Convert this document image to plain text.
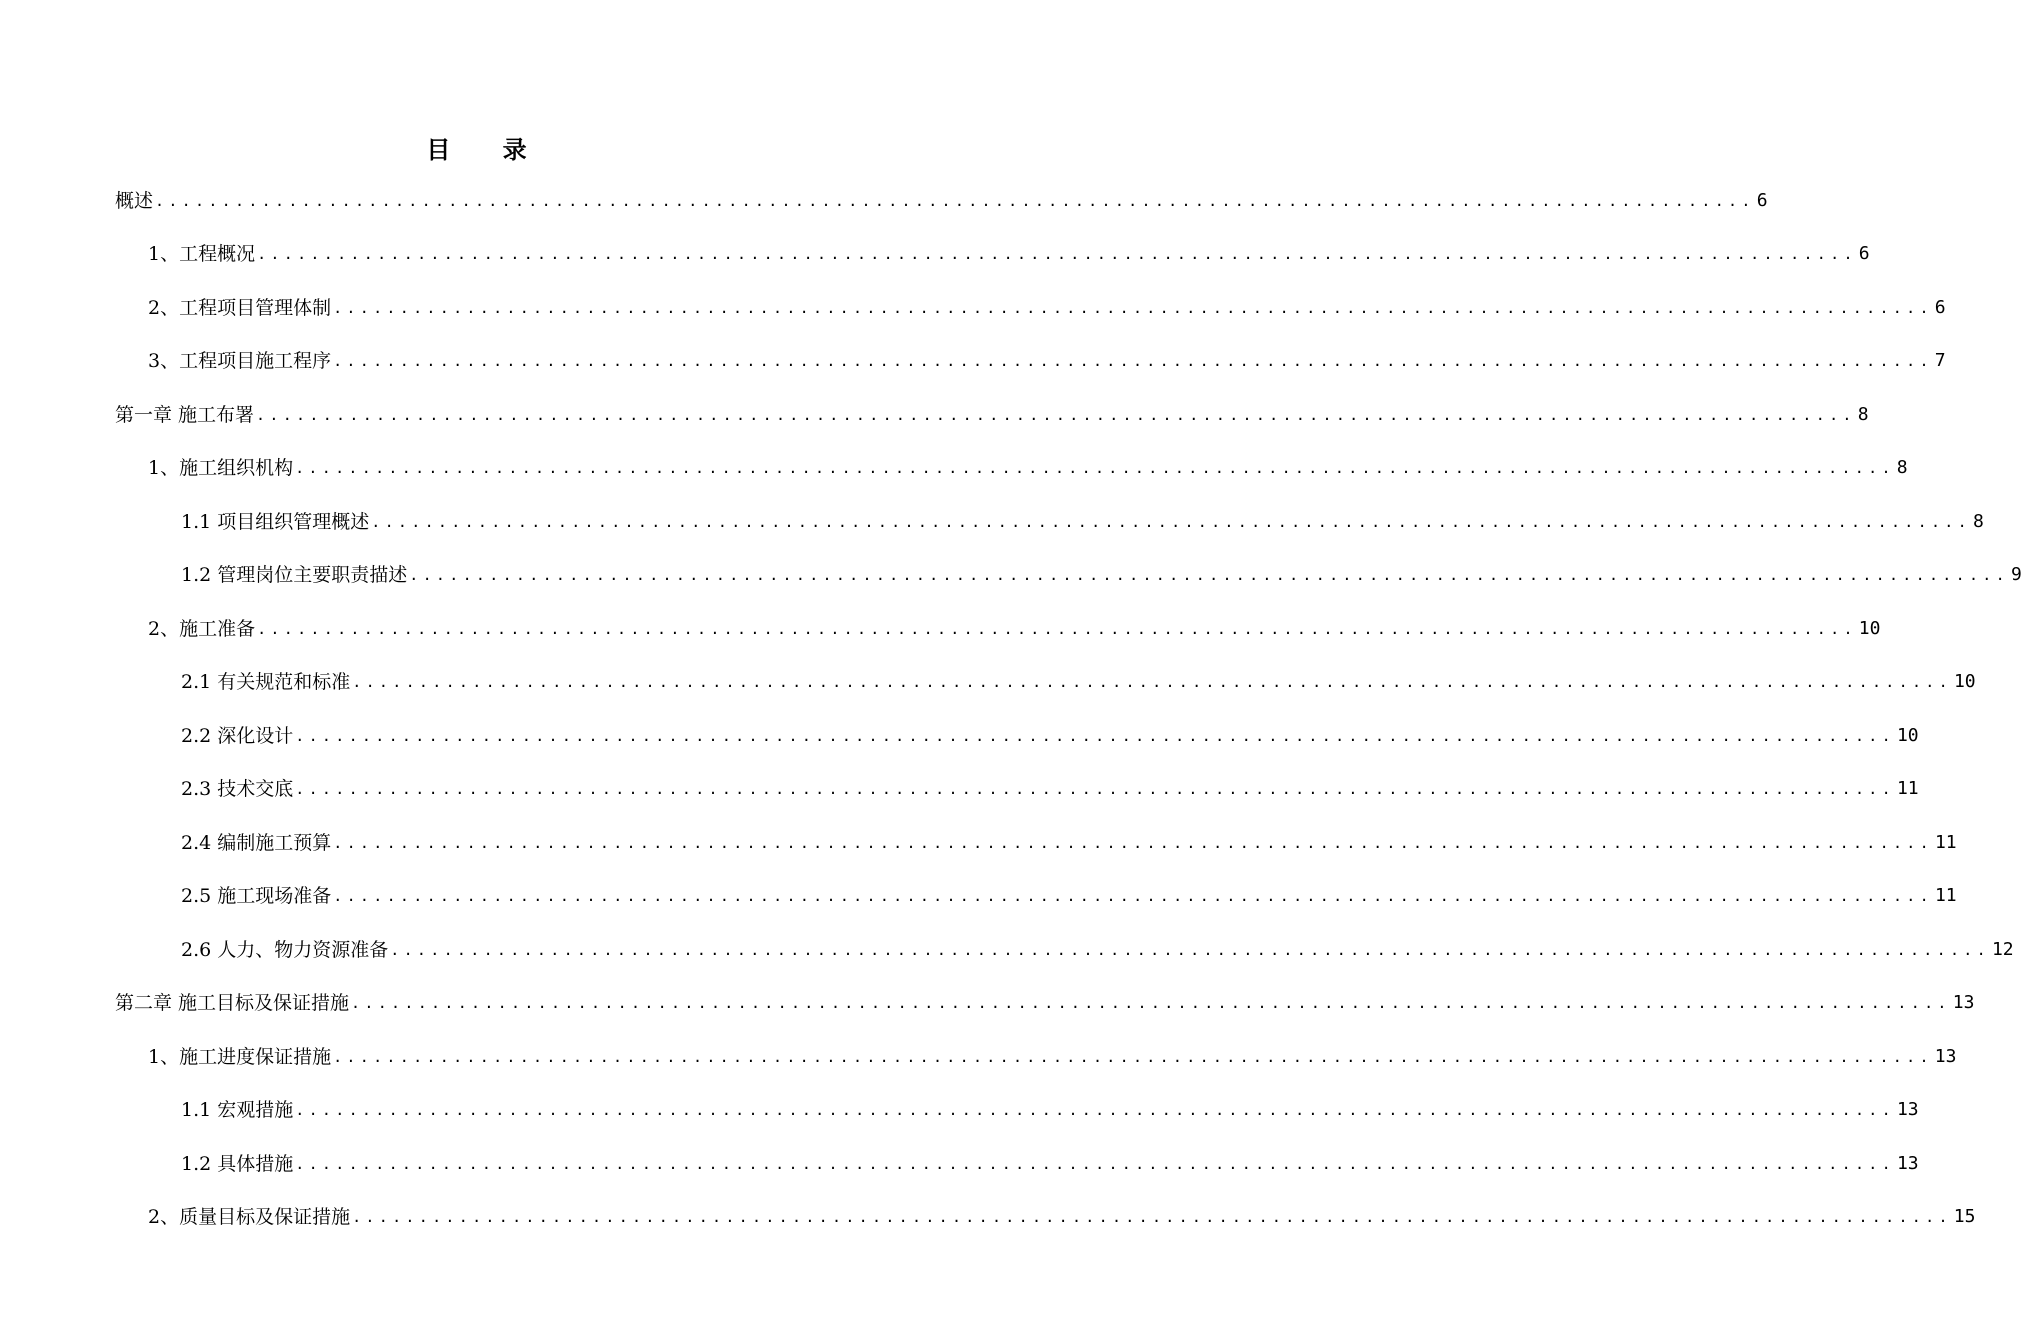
目 录
概述 ........................................................................................................................ 6
1、工程概况 ........................................................................................................................ 6
2、工程项目管理体制 ........................................................................................................................ 6
3、工程项目施工程序 ........................................................................................................................ 7
第一章 施工布署 ........................................................................................................................ 8
1、施工组织机构 ........................................................................................................................ 8
1.1 项目组织管理概述 ........................................................................................................................ 8
1.2 管理岗位主要职责描述 ........................................................................................................................ 9
2、施工准备 ........................................................................................................................ 10
2.1 有关规范和标准 ........................................................................................................................ 10
2.2 深化设计 ........................................................................................................................ 10
2.3 技术交底 ........................................................................................................................ 11
2.4 编制施工预算 ........................................................................................................................ 11
2.5 施工现场准备 ........................................................................................................................ 11
2.6 人力、物力资源准备 ........................................................................................................................ 12
第二章 施工目标及保证措施 ........................................................................................................................ 13
1、施工进度保证措施 ........................................................................................................................ 13
1.1 宏观措施 ........................................................................................................................ 13
1.2 具体措施 ........................................................................................................................ 13
2、质量目标及保证措施 ........................................................................................................................ 15
